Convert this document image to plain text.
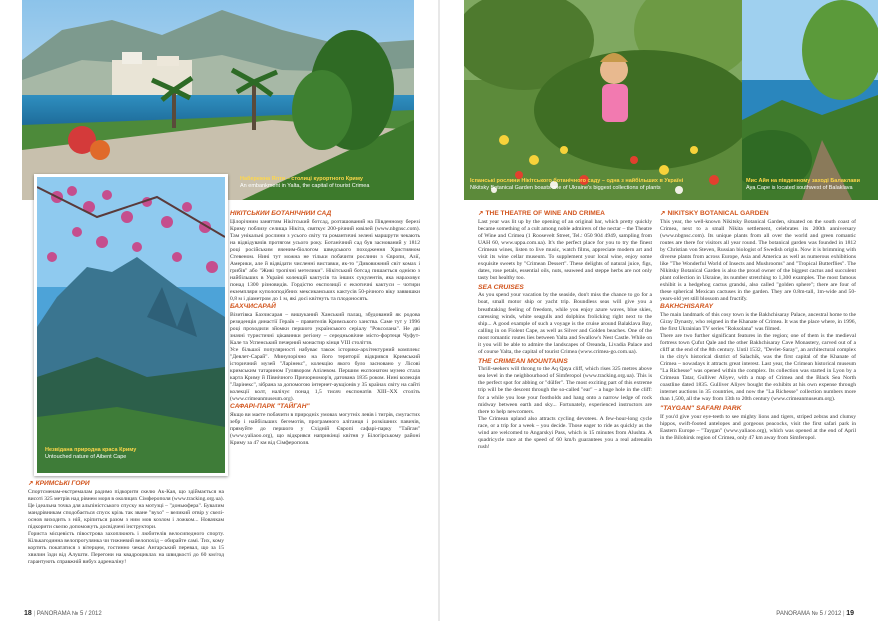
Набережна Ялти – столиці курортного Криму
An embankment in Yalta, the capital of tourist Crimea
Незвідана природна краса Криму
Untouched nature of Aibent Cape
НІКІТСЬКИЙ БОТАНІЧНИЙ САД

Цілорічним заняттям Нікітський ботсад, розташований на Південному березі Криму поблизу селища Нікіта, святкує 200-річний ювілей (www.nbgnsc.com). Там унікальні рослини з усього світу та романтичні зелені маршрути чекають на відвідувачів протягом усього року. Ботанічний сад був заснований у 1812 році російським вченим-біологом шведського походження Християном Стевеном. Нині тут можна не тільки побачити рослини з Європи, Азії, Америки, але й відвідати численні виставки, як-то "Дивовижний світ комах і грибів" або "Живі тропічні метелики". Нікітський ботсад пишається однією з найбільших в Україні колекцій кактусів та інших сукулентів, яка нараховує понад 1300 різновидів. Гордістю експозиції є екзотичні кактуси – чотири екземпляри куполоподібних мексиканських кактусів 50-річного віку заввишки 0,8 м і діаметром до 1 м, які досі квітнуть та плодоносять.

БАХЧИСАРАЙ

Візитівка Бахчисарая – вишуканий Ханський палац, збудований як родова резиденція династії Гераїв – правителів Кримського ханства. Саме тут у 1996 році проходили зйомки першого українського серіалу "Роксолана". Не дві значні туристичні цікавинки регіону – середньовічне місто-фортеця Чуфут-Кале та Успенський печерний монастир кінця VIII століття.

Усе більшої популярності набуває також історико-архітектурний комплекс "Девлет-Сарай". Минулорічно на його території відкрився Кримський історичний музей "Ларінекс", колекцію якого було засновано у Лісові кримським татарином Гулявором Алілевом. Першим експонатом музею стала карта Криму й Північного Причорномор'я, датована 1835 роком. Нині колекція "Ларінекс", зібрана за допомогою інтернет-аукціонів у 35 країнах світу на сайті колекції колт, налічує понад 1,5 тисяч експонатів XIII–XX століть (www.crimeanmuseum.org).

САФАРІ-ПАРК "ТАЙГАН"

Якщо ви маєте побачити в природніх умовах могутніх левів і тигрів, смугастих зебр і найбільших бегемотів, програмного алітанця і розкішних павичів, прямуйте до першого у Східній Європі сафарі-парку "Тайган" (www.yaliaoo.org), що відкрився наприкінці квітня у Білогірському районі Криму за 47 км від Сімферополя.

↗ КРИМСЬКІ ГОРИ

Спортсменам-екстремалам радимо підкорити скелю Ак-Кая, що здіймається на висоті 325 метрів над рівнем моря в околицях Сімферополя (www.tracking.org.ua). Це ідеальна точка для альпіністського спуску на мотузці – "доньюфера". Бувалим мандрівникам сподобається спуск крізь так зване "вухо" – великий отвір у скелі-основ виходить з ній, кріпиться разом з ним мов козлом і ложком... Новачкам підкорити скелю допоможуть досвідчені інструктори.

Гориста місцевість півострова захоплюють і любителів велосипедного спорту. Кількагодинна велопрогулянка чи тижневий велопохід – обирайте самі. Тих, кому кортить покататися з вітерцем, гостинно чекає Ангарський перевал, що за 15 хвилин їзди від Алушти. Перегони на квадроциклах на швидкості до 60 км/год гарантують справжній вибух адреналіну!

18 | PANORAMA № 5 / 2012
Іспанські рослини Нікітського ботанічного саду – одна з найбільших в Україні
Nikitsky Botanical Garden boasts one of Ukraine's biggest collections of plants
Мис Айя на південному заході Балаклави
Aya Cape is located southwest of Balaklava
↗ THE THEATRE OF WINE AND CRIMEA

Last year was lit up by the opening of an original bar, which pretty quickly became something of a cult among noble admirers of the nectar – the Theatre of Wine and Crimea (1 Roosevelt Street, Tel.: 050 904 4949, sampling from UAH 60, www.uppa.com.ua). It's the perfect place for you to try the finest Crimean wines, listen to live music, watch films, appreciate modern art and visit its wine cellar museum. To supplement your local wine, enjoy some exquisite sweets by "Crimean Dessert". These delights of natural juice, figs, dates, rose petals, essential oils, nuts, seaweed and steppe herbs are not only tasty but healthy too.

SEA CRUISES

As you spend your vacation by the seaside, don't miss the chance to go for a boat, small motor ship or yacht trip. Boundless seas will give you a breathtaking feeling of freedom, while you enjoy azure waves, blue skies, caressing winds, white seagulls and dolphins frolicking right next to the ship... A good example of such a voyage is the cruise around Balaklava Bay, calling in on Fiolent Cape, as well as Silver and Golden beaches. One of the most romantic routes lies between Yalta and Swallow's Nest Castle. While on it you will be able to admire the landscapes of Oreanda, Livadia Palace and of course Yalta, the capital of tourist Crimea (www.crimea-go.com.ua).

THE CRIMEAN MOUNTAINS

Thrill-seekers will throng to the Aq Qaya cliff, which rises 325 metres above sea level in the neighbourhood of Simferopol (www.tracking.org.ua). This is the perfect spot for abbing or "dülfer". The most exciting part of this extreme trip will be the descent through the so-called "ear" – a huge hole in the cliff: for a while you lose your footholds and hang onto a narrow ledge of rock midway between earth and sky... Fortunately, experienced instructors are there to help newcomers.

The Crimean upland also attracts cycling devotees. A few-hour-long cycle race, or a trip for a week – you decide. Those eager to ride as quickly as the wind are welcomed to Angarskyi Pass, which is 15 minutes from Alushta. A quadricycle race at the speed of 60 km/h guarantees you a real adrenalin rush!

↗ NIKITSKY BOTANICAL GARDEN

This year, the well-known Nikitsky Botanical Garden, situated on the south coast of Crimea, next to a small Nikita settlement, celebrates its 200th anniversary (www.nbgnsc.com). Its unique plants from all over the world and green romantic routes are there for visitors all year round. The botanical garden was founded in 1812 by Christian von Steven, Russian biologist of Swedish origin. Now it is brimming with diverse plants from across Europe, Asia and America as well as numerous exhibitions like "The Wonderful World of Insects and Mushrooms" and "Tropical Butterflies". The Nikitsky Botanical Garden is also the proud owner of the biggest cactus and succulent plant collection in Ukraine, its number stretching to 1,300 examples. The most famous exhibit is a hedgehog cactus grandsi, also called "golden sphere"; there are four of these spherical Mexican cactuses in the garden. They are 0.8m-tall, 1m-wide and 50-years-old yet still blossom and fructify.

BAKHCHISARAY

The main landmark of this cosy town is the Bakhchisaray Palace, ancestral home to the Giray Dynasty, who reigned in the Khanate of Crimea. It was the place where, in 1996, the first Ukrainian TV series "Roksolana" was filmed.

There are two further significant features in the region; one of them is the medieval fortress town Çufut Qale and the other Bakhchisaray Cave Monastery, carved out of a cliff at the end of the 8th century. Until 1532, "Devlet-Saray", an architectural complex in the city's historical district of Salachik, was the first capital of the Khanate of Crimea – nowadays it attracts great interest. Last year, the Crimean historical museum "La Richesse" was opened within the complex. Its collection was started in Lyon by a Crimean Tatar, Gulliver Aliyev, with a map of Crimea and the Black Sea North coastline dated 1835. Gulliver Aliyev bought the exhibits at his own expense through internet auctions in 35 countries, and now the "La Richesse" collection numbers more than 1,500, all the way from 13th to 20th century (www.crimeanmuseum.org).

"TAYGAN" SAFARI PARK

If you'd give your eye-teeth to see mighty lions and tigers, striped zebras and clumsy hippos, swift-footed antelopes and gorgeous peacocks, visit the first safari park in Eastern Europe – "Taygan" (www.yaliaoo.org), which was opened at the end of April in the Bilohirsk region of Crimea, only 47 km away from Simferopol.

PANORAMA № 5 / 2012 | 19
